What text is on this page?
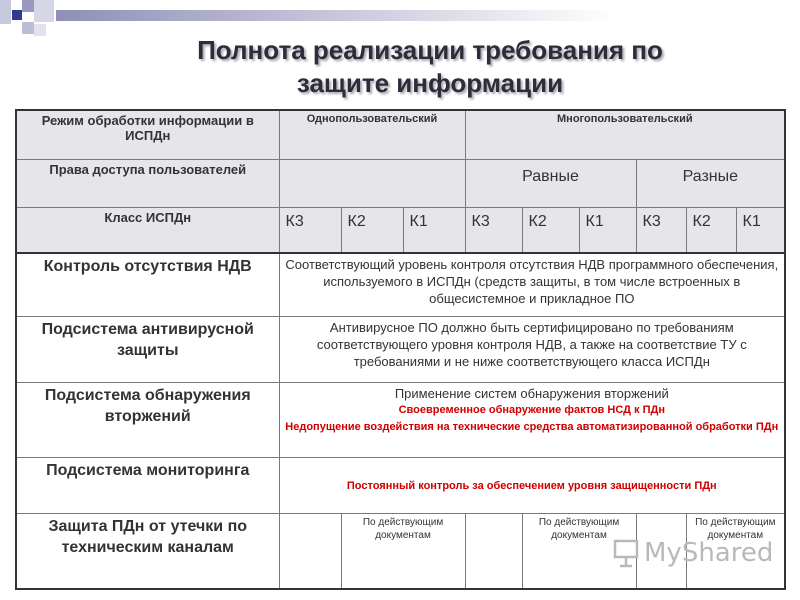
Полнота реализации требования по
защите информации
Режим обработки информации в ИСПДн	Однопользовательский			Многопользовательский					
Права доступа пользователей				Равные			Разные		
Класс ИСПДн	К3	К2	К1	К3	К2	К1	К3	К2	К1
Контроль отсутствия НДВ	Соответствующий уровень контроля отсутствия НДВ программного обеспечения, используемого в ИСПДн (средств защиты, в том числе встроенных в общесистемное и прикладное ПО								
Подсистема антивирусной защиты	Антивирусное ПО должно быть сертифицировано по требованиям соответствующего уровня контроля НДВ, а также на соответствие ТУ с требованиями и не ниже соответствующего класса ИСПДн								
Подсистема обнаружения вторжений	Применение систем обнаружения вторжений
Своевременное обнаружение фактов НСД к ПДн
Недопущение воздействия на технические средства автоматизированной обработки ПДн								

Подсистема мониторинга	Постоянный контроль за обеспечением уровня защищенности ПДн								
Защита ПДн от утечки по техническим каналам		По действующим документам			По действующим документам			По действующим документам	
MyShared
